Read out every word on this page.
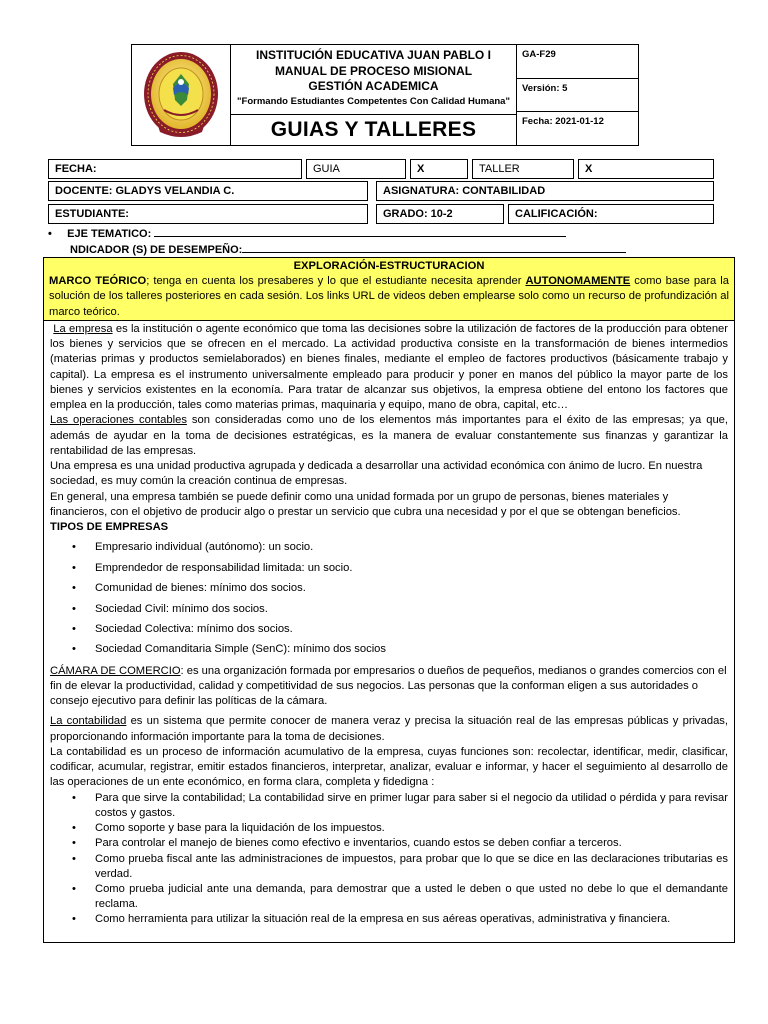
INSTITUCIÓN EDUCATIVA JUAN PABLO I
MANUAL DE PROCESO MISIONAL
GESTIÓN ACADEMICA
"Formando Estudiantes Competentes Con Calidad Humana"
GUIAS Y TALLERES
GA-F29
Versión: 5
Fecha: 2021-01-12
FECHA:	GUIA	X	TALLER	X
DOCENTE: GLADYS VELANDIA C.	ASIGNATURA: CONTABILIDAD
ESTUDIANTE:	GRADO: 10-2	CALIFICACIÓN:
• EJE TEMATICO:
NDICADOR (S) DE DESEMPEÑO:
EXPLORACIÓN-ESTRUCTURACION
MARCO TEÓRICO; tenga en cuenta los presaberes y lo que el estudiante necesita aprender AUTONOMAMENTE como base para la solución de los talleres posteriores en cada sesión. Los links URL de videos deben emplearse solo como un recurso de profundización al marco teórico.

La empresa es la institución o agente económico que toma las decisiones sobre la utilización de factores de la producción para obtener los bienes y servicios que se ofrecen en el mercado. La actividad productiva consiste en la transformación de bienes intermedios (materias primas y productos semielaborados) en bienes finales, mediante el empleo de factores productivos (básicamente trabajo y capital). La empresa es el instrumento universalmente empleado para producir y poner en manos del público la mayor parte de los bienes y servicios existentes en la economía. Para tratar de alcanzar sus objetivos, la empresa obtiene del entono los factores que emplea en la producción, tales como materias primas, maquinaria y equipo, mano de obra, capital, etc…

Las operaciones contables son consideradas como uno de los elementos más importantes para el éxito de las empresas; ya que, además de ayudar en la toma de decisiones estratégicas, es la manera de evaluar constantemente sus finanzas y garantizar la rentabilidad de las empresas.

Una empresa es una unidad productiva agrupada y dedicada a desarrollar una actividad económica con ánimo de lucro. En nuestra sociedad, es muy común la creación continua de empresas.

En general, una empresa también se puede definir como una unidad formada por un grupo de personas, bienes materiales y financieros, con el objetivo de producir algo o prestar un servicio que cubra una necesidad y por el que se obtengan beneficios.

TIPOS DE EMPRESAS

• Empresario individual (autónomo): un socio.
• Emprendedor de responsabilidad limitada: un socio.
• Comunidad de bienes: mínimo dos socios.
• Sociedad Civil: mínimo dos socios.
• Sociedad Colectiva: mínimo dos socios.
• Sociedad Comanditaria Simple (SenC): mínimo dos socios

CÁMARA DE COMERCIO: es una organización formada por empresarios o dueños de pequeños, medianos o grandes comercios con el fin de elevar la productividad, calidad y competitividad de sus negocios. Las personas que la conforman eligen a sus autoridades o consejo ejecutivo para definir las políticas de la cámara.

La contabilidad es un sistema que permite conocer de manera veraz y precisa la situación real de las empresas públicas y privadas, proporcionando información importante para la toma de decisiones.

La contabilidad es un proceso de información acumulativo de la empresa, cuyas funciones son: recolectar, identificar, medir, clasificar, codificar, acumular, registrar, emitir estados financieros, interpretar, analizar, evaluar e informar, y hacer el seguimiento al desarrollo de las operaciones de un ente económico, en forma clara, completa y fidedigna :

• Para que sirve la contabilidad; La contabilidad sirve en primer lugar para saber si el negocio da utilidad o pérdida y para revisar costos y gastos.
• Como soporte y base para la liquidación de los impuestos.
• Para controlar el manejo de bienes como efectivo e inventarios, cuando estos se deben confiar a terceros.
• Como prueba fiscal ante las administraciones de impuestos, para probar que lo que se dice en las declaraciones tributarias es verdad.
• Como prueba judicial ante una demanda, para demostrar que a usted le deben o que usted no debe lo que el demandante reclama.
• Como herramienta para utilizar la situación real de la empresa en sus aéreas operativas, administrativa y financiera.
